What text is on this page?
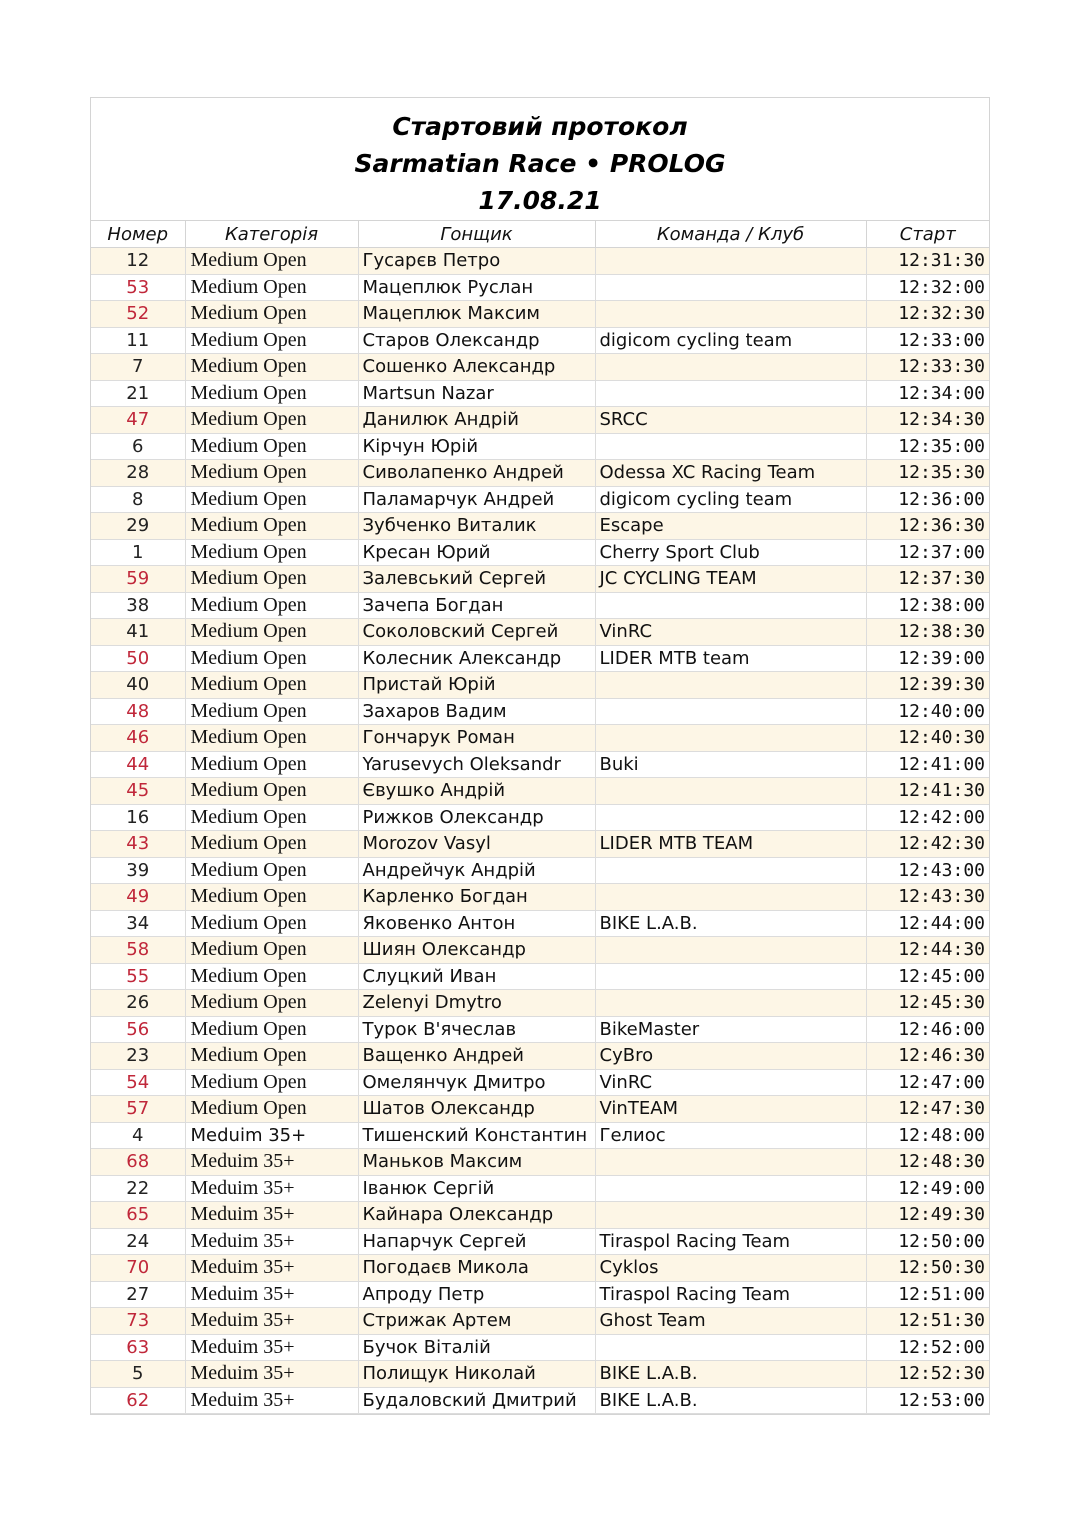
Стартовий протокол
Sarmatian Race • PROLOG
17.08.21
Номер	Категорія	Гонщик	Команда / Клуб	Старт
12	Medium Open	Гусарєв Петро		12:31:30
53	Medium Open	Мацеплюк Руслан		12:32:00
52	Medium Open	Мацеплюк Максим		12:32:30
11	Medium Open	Старов Олександр	digicom cycling team	12:33:00
7	Medium Open	Сошенко Александр		12:33:30
21	Medium Open	Martsun Nazar		12:34:00
47	Medium Open	Данилюк Андрій	SRCC	12:34:30
6	Medium Open	Кірчун Юрій		12:35:00
28	Medium Open	Сиволапенко Андрей	Odessa XC Racing Team	12:35:30
8	Medium Open	Паламарчук Андрей	digicom cycling team	12:36:00
29	Medium Open	Зубченко Виталик	Escape	12:36:30
1	Medium Open	Кресан Юрий	Cherry Sport Club	12:37:00
59	Medium Open	Залевський Сергей	JC CYCLING TEAM	12:37:30
38	Medium Open	Зачепа Богдан		12:38:00
41	Medium Open	Соколовский Сергей	VinRC	12:38:30
50	Medium Open	Колесник Александр	LIDER MTB team	12:39:00
40	Medium Open	Пристай Юрій		12:39:30
48	Medium Open	Захаров Вадим		12:40:00
46	Medium Open	Гончарук Роман		12:40:30
44	Medium Open	Yarusevych Oleksandr	Buki	12:41:00
45	Medium Open	Євушко Андрій		12:41:30
16	Medium Open	Рижков Олександр		12:42:00
43	Medium Open	Morozov Vasyl	LIDER MTB TEAM	12:42:30
39	Medium Open	Андрейчук Андрій		12:43:00
49	Medium Open	Карленко Богдан		12:43:30
34	Medium Open	Яковенко Антон	BIKE L.A.B.	12:44:00
58	Medium Open	Шиян Олександр		12:44:30
55	Medium Open	Слуцкий Иван		12:45:00
26	Medium Open	Zelenyi Dmytro		12:45:30
56	Medium Open	Турок В'ячеслав	BikeMaster	12:46:00
23	Medium Open	Ващенко Андрей	CyBro	12:46:30
54	Medium Open	Омелянчук Дмитро	VinRC	12:47:00
57	Medium Open	Шатов Олександр	VinTEAM	12:47:30
4	Meduim 35+	Тишенский Константин	Гелиос	12:48:00
68	Meduim 35+	Маньков Максим		12:48:30
22	Meduim 35+	Іванюк Сергій		12:49:00
65	Meduim 35+	Кайнара Олександр		12:49:30
24	Meduim 35+	Напарчук Сергей	Tiraspol Racing Team	12:50:00
70	Meduim 35+	Погодаєв Микола	Cyklos	12:50:30
27	Meduim 35+	Апроду Петр	Tiraspol Racing Team	12:51:00
73	Meduim 35+	Стрижак Артем	Ghost Team	12:51:30
63	Meduim 35+	Бучок Віталій		12:52:00
5	Meduim 35+	Полищук Николай	BIKE L.A.B.	12:52:30
62	Meduim 35+	Будаловский Дмитрий	BIKE L.A.B.	12:53:00
